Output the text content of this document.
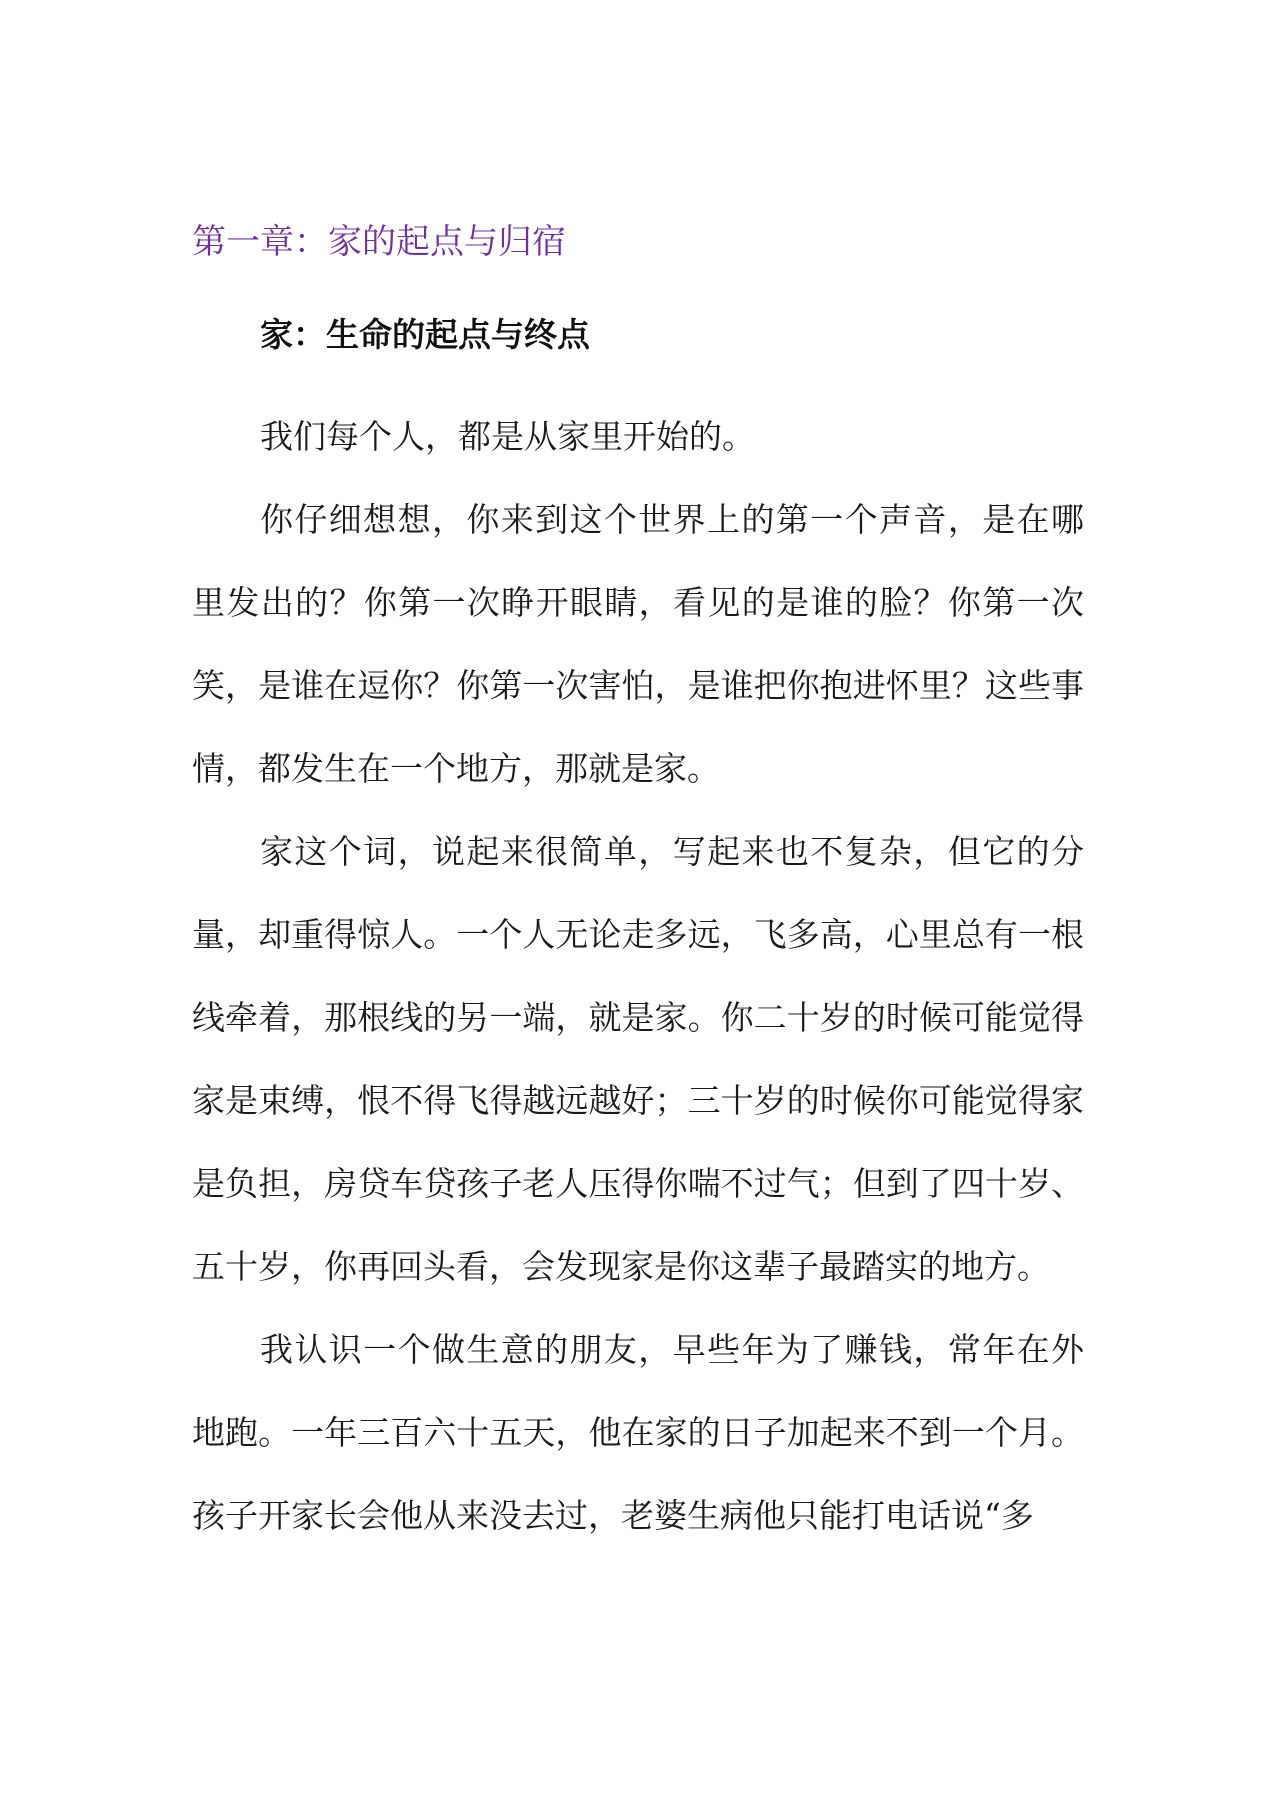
第一章：家的起点与归宿
家：生命的起点与终点

我们每个人，都是从家里开始的。

你仔细想想，你来到这个世界上的第一个声音，是在哪里发出的？你第一次睁开眼睛，看见的是谁的脸？你第一次笑，是谁在逗你？你第一次害怕，是谁把你抱进怀里？这些事情，都发生在一个地方，那就是家。

家这个词，说起来很简单，写起来也不复杂，但它的分量，却重得惊人。一个人无论走多远，飞多高，心里总有一根线牵着，那根线的另一端，就是家。你二十岁的时候可能觉得家是束缚，恨不得飞得越远越好；三十岁的时候你可能觉得家是负担，房贷车贷孩子老人压得你喘不过气；但到了四十岁、五十岁，你再回头看，会发现家是你这辈子最踏实的地方。

我认识一个做生意的朋友，早些年为了赚钱，常年在外地跑。一年三百六十五天，他在家的日子加起来不到一个月。孩子开家长会他从来没去过，老婆生病他只能打电话说“多
